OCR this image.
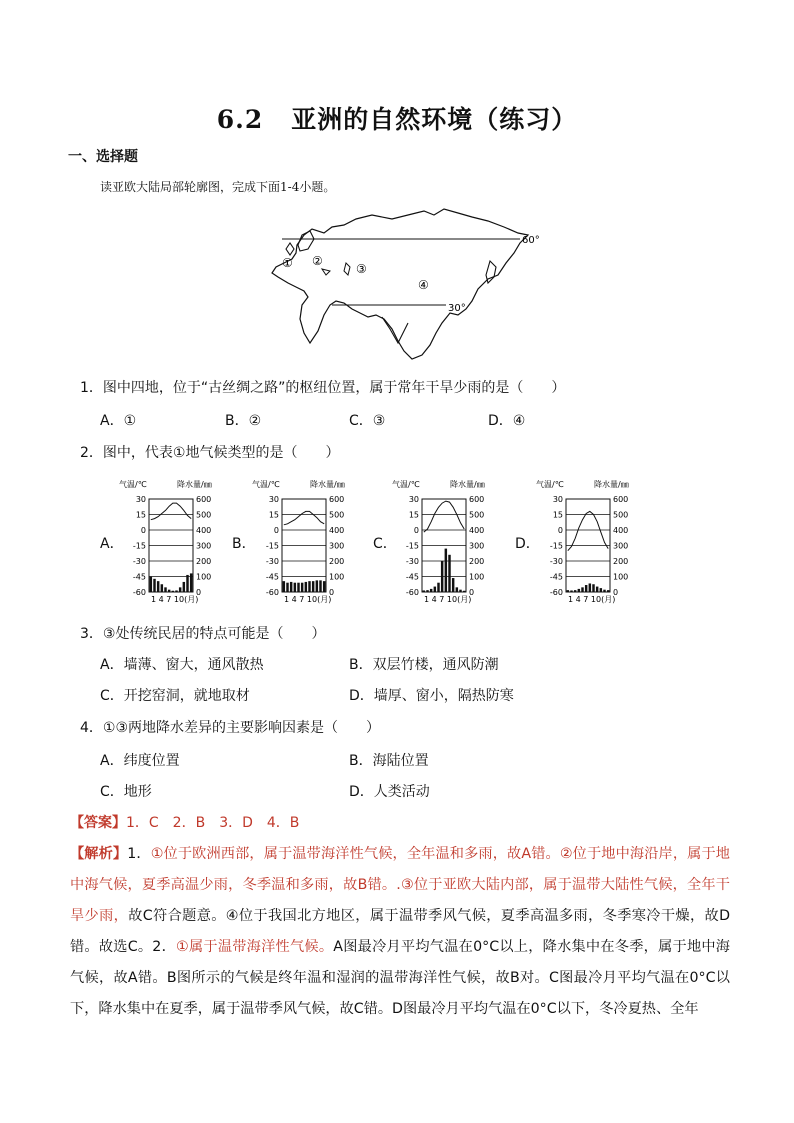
6.2 亚洲的自然环境（练习）
一、选择题
读亚欧大陆局部轮廓图，完成下面1-4小题。
60°
30°
① ②
③
④
1．图中四地，位于“古丝绸之路”的枢纽位置，属于常年干旱少雨的是（　　）
A．①	B．②	C．③	D．④
2．图中，代表①地气候类型的是（　　）
A．	B．	C．	D．
气温/℃	降水量/㎜
30	600
15	500
0	400
-15	300
-30	200
-45	100
-60	0
1 4 7 10(月)
气温/℃	降水量/㎜
30	600
15	500
0	400
-15	300
-30	200
-45	100
-60	0
1 4 7 10(月)
气温/℃	降水量/㎜
30	600
15	500
0	400
-15	300
-30	200
-45	100
-60	0
1 4 7 10(月)
气温/℃	降水量/㎜
30	600
15	500
0	400
-15	300
-30	200
-45	100
-60	0
1 4 7 10(月)
3．③处传统民居的特点可能是（　　）
A．墙薄、窗大，通风散热	B．双层竹楼，通风防潮
C．开挖窑洞，就地取材	D．墙厚、窗小，隔热防寒
4．①③两地降水差异的主要影响因素是（　　）
A．纬度位置	B．海陆位置
C．地形	D．人类活动
【答案】1．C　2．B　3．D　4．B
【解析】1．①位于欧洲西部，属于温带海洋性气候，全年温和多雨，故A错。②位于地中海沿岸，属于地中海气候，夏季高温少雨，冬季温和多雨，故B错。.③位于亚欧大陆内部，属于温带大陆性气候，全年干旱少雨，故C符合题意。④位于我国北方地区，属于温带季风气候，夏季高温多雨，冬季寒冷干燥，故D错。故选C。2．①属于温带海洋性气候。A图最冷月平均气温在0°C以上，降水集中在冬季，属于地中海气候，故A错。B图所示的气候是终年温和湿润的温带海洋性气候，故B对。C图最冷月平均气温在0°C以下，降水集中在夏季，属于温带季风气候，故C错。D图最冷月平均气温在0°C以下，冬冷夏热、全年
